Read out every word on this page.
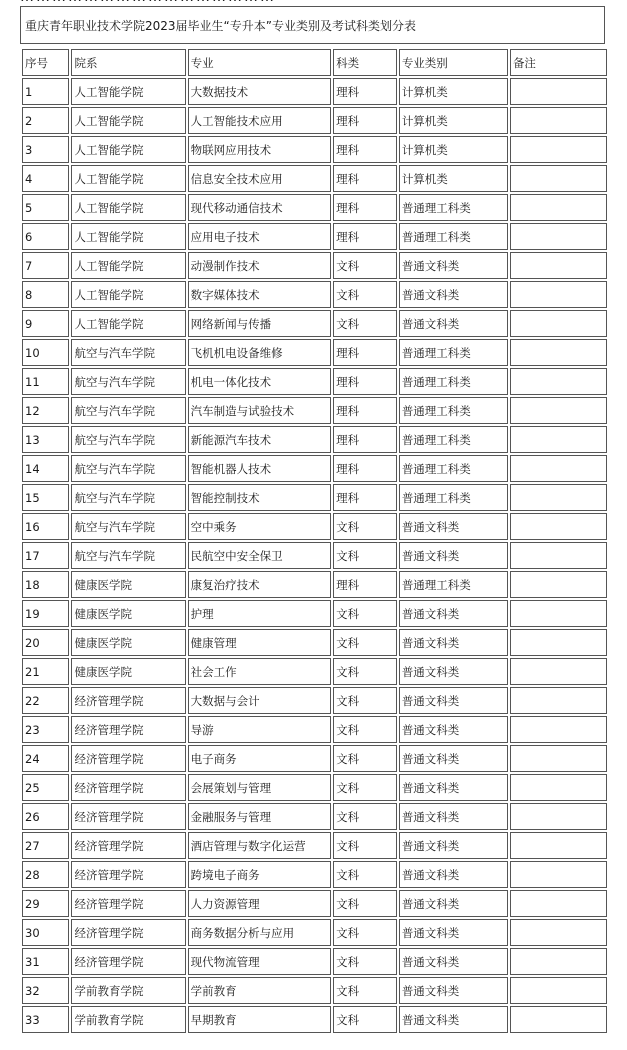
重庆青年职业技术学院2023届毕业生“专升本”专业类别及考试科类划分表
序号	院系	专业	科类	专业类别	备注
1	人工智能学院	大数据技术	理科	计算机类	
2	人工智能学院	人工智能技术应用	理科	计算机类	
3	人工智能学院	物联网应用技术	理科	计算机类	
4	人工智能学院	信息安全技术应用	理科	计算机类	
5	人工智能学院	现代移动通信技术	理科	普通理工科类	
6	人工智能学院	应用电子技术	理科	普通理工科类	
7	人工智能学院	动漫制作技术	文科	普通文科类	
8	人工智能学院	数字媒体技术	文科	普通文科类	
9	人工智能学院	网络新闻与传播	文科	普通文科类	
10	航空与汽车学院	飞机机电设备维修	理科	普通理工科类	
11	航空与汽车学院	机电一体化技术	理科	普通理工科类	
12	航空与汽车学院	汽车制造与试验技术	理科	普通理工科类	
13	航空与汽车学院	新能源汽车技术	理科	普通理工科类	
14	航空与汽车学院	智能机器人技术	理科	普通理工科类	
15	航空与汽车学院	智能控制技术	理科	普通理工科类	
16	航空与汽车学院	空中乘务	文科	普通文科类	
17	航空与汽车学院	民航空中安全保卫	文科	普通文科类	
18	健康医学院	康复治疗技术	理科	普通理工科类	
19	健康医学院	护理	文科	普通文科类	
20	健康医学院	健康管理	文科	普通文科类	
21	健康医学院	社会工作	文科	普通文科类	
22	经济管理学院	大数据与会计	文科	普通文科类	
23	经济管理学院	导游	文科	普通文科类	
24	经济管理学院	电子商务	文科	普通文科类	
25	经济管理学院	会展策划与管理	文科	普通文科类	
26	经济管理学院	金融服务与管理	文科	普通文科类	
27	经济管理学院	酒店管理与数字化运营	文科	普通文科类	
28	经济管理学院	跨境电子商务	文科	普通文科类	
29	经济管理学院	人力资源管理	文科	普通文科类	
30	经济管理学院	商务数据分析与应用	文科	普通文科类	
31	经济管理学院	现代物流管理	文科	普通文科类	
32	学前教育学院	学前教育	文科	普通文科类	
33	学前教育学院	早期教育	文科	普通文科类	
